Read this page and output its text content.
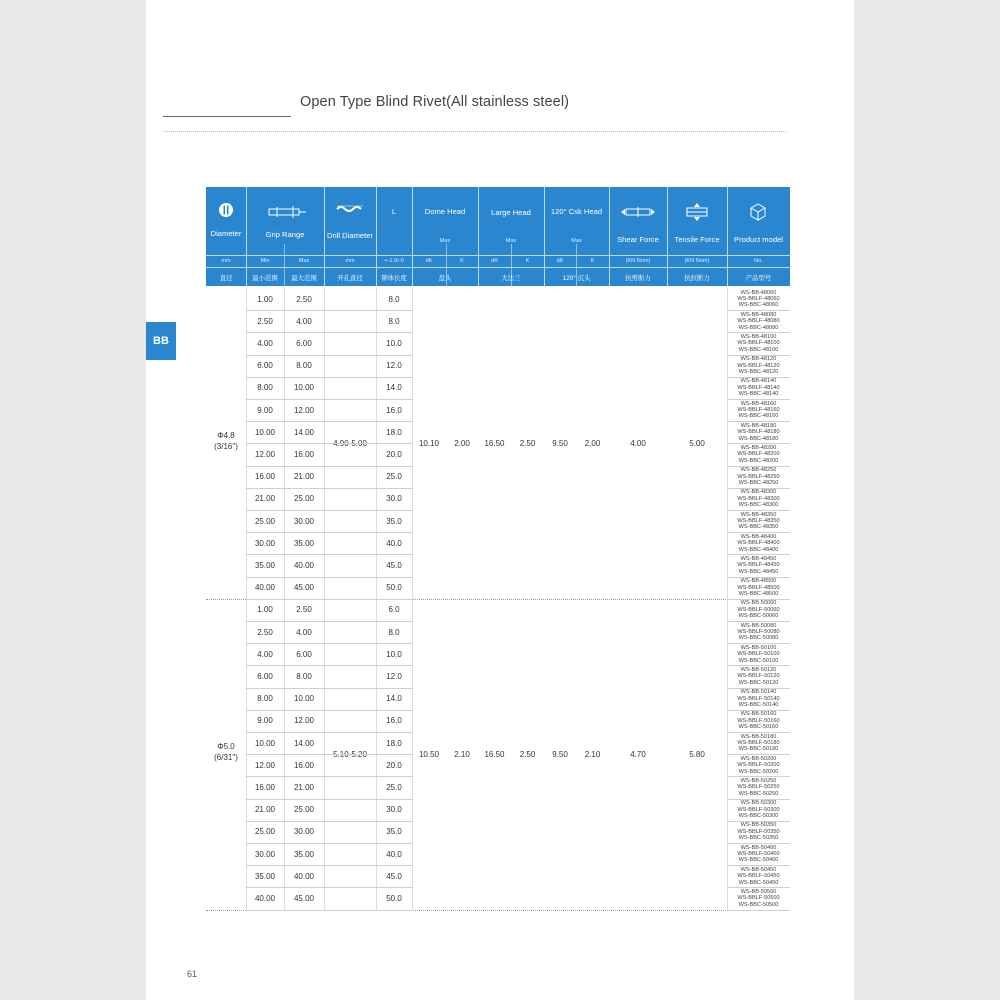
Open Type Blind Rivet(All stainless steel)
BB
61
Diameter	Grip Range	Drill Diameter
L	Dome Head	Large Head	120° Csk Head
Shear Force	Tensile Force	Product model
Max	Max	Max
mm	Min	Max	mm	+-1.0/-0	dK	K	dK	K	dK	K	(KN Nom)	(KN Nom)	No.
直径	最小范围	最大范围	开孔直径	铆体长度	盘头	大法兰	120° 沉头	抗剪断力	抗拉断力	产品型号
Φ4.8
(3/16")	4.90-5.00	10.10	2.00	16.50	2.50	9.50	2.00	4.00	5.00
1.00	2.50	8.0
WS-BB-48060
WS-BBLF-48060
WS-BBC-48060
2.50	4.00	8.0
WS-BB-48080
WS-BBLF-48080
WS-BBC-48080
4.00	6.00	10.0
WS-BB-48100
WS-BBLF-48100
WS-BBC-48100
6.00	8.00	12.0
WS-BB-48120
WS-BBLF-48120
WS-BBC-48120
8.00	10.00	14.0
WS-BB-48140
WS-BBLF-48140
WS-BBC-48140
9.00	12.00	16.0
WS-BB-48160
WS-BBLF-48160
WS-BBC-48160
10.00	14.00	18.0
WS-BB-48180
WS-BBLF-48180
WS-BBC-48180
12.00	16.00	20.0
WS-BB-48200
WS-BBLF-48200
WS-BBC-48200
16.00	21.00	25.0
WS-BB-48250
WS-BBLF-48250
WS-BBC-48250
21.00	25.00	30.0
WS-BB-48300
WS-BBLF-48300
WS-BBC-48300
25.00	30.00	35.0
WS-BB-48350
WS-BBLF-48350
WS-BBC-48350
30.00	35.00	40.0
WS-BB-48400
WS-BBLF-48400
WS-BBC-48400
35.00	40.00	45.0
WS-BB-48450
WS-BBLF-48450
WS-BBC-48450
40.00	45.00	50.0
WS-BB-48500
WS-BBLF-48500
WS-BBC-48500
Φ5.0
(6/31")	5.10-5.20	10.50	2.10	16.50	2.50	9.50	2.10	4.70	5.80
1.00	2.50	6.0
WS-BB-50060
WS-BBLF-50060
WS-BBC-50060
2.50	4.00	8.0
WS-BB-50080
WS-BBLF-50080
WS-BBC-50080
4.00	6.00	10.0
WS-BB-50100
WS-BBLF-50100
WS-BBC-50100
6.00	8.00	12.0
WS-BB-50120
WS-BBLF-50120
WS-BBC-50120
8.00	10.00	14.0
WS-BB-50140
WS-BBLF-50140
WS-BBC-50140
9.00	12.00	16.0
WS-BB-50160
WS-BBLF-50160
WS-BBC-50160
10.00	14.00	18.0
WS-BB-50180
WS-BBLF-50180
WS-BBC-50180
12.00	16.00	20.0
WS-BB-50200
WS-BBLF-50200
WS-BBC-50200
16.00	21.00	25.0
WS-BB-50250
WS-BBLF-50250
WS-BBC-50250
21.00	25.00	30.0
WS-BB-50300
WS-BBLF-50300
WS-BBC-50300
25.00	30.00	35.0
WS-BB-50350
WS-BBLF-50350
WS-BBC-50350
30.00	35.00	40.0
WS-BB-50400
WS-BBLF-50400
WS-BBC-50400
35.00	40.00	45.0
WS-BB-50450
WS-BBLF-50450
WS-BBC-50450
40.00	45.00	50.0
WS-BB-50500
WS-BBLF-50500
WS-BBC-50500
